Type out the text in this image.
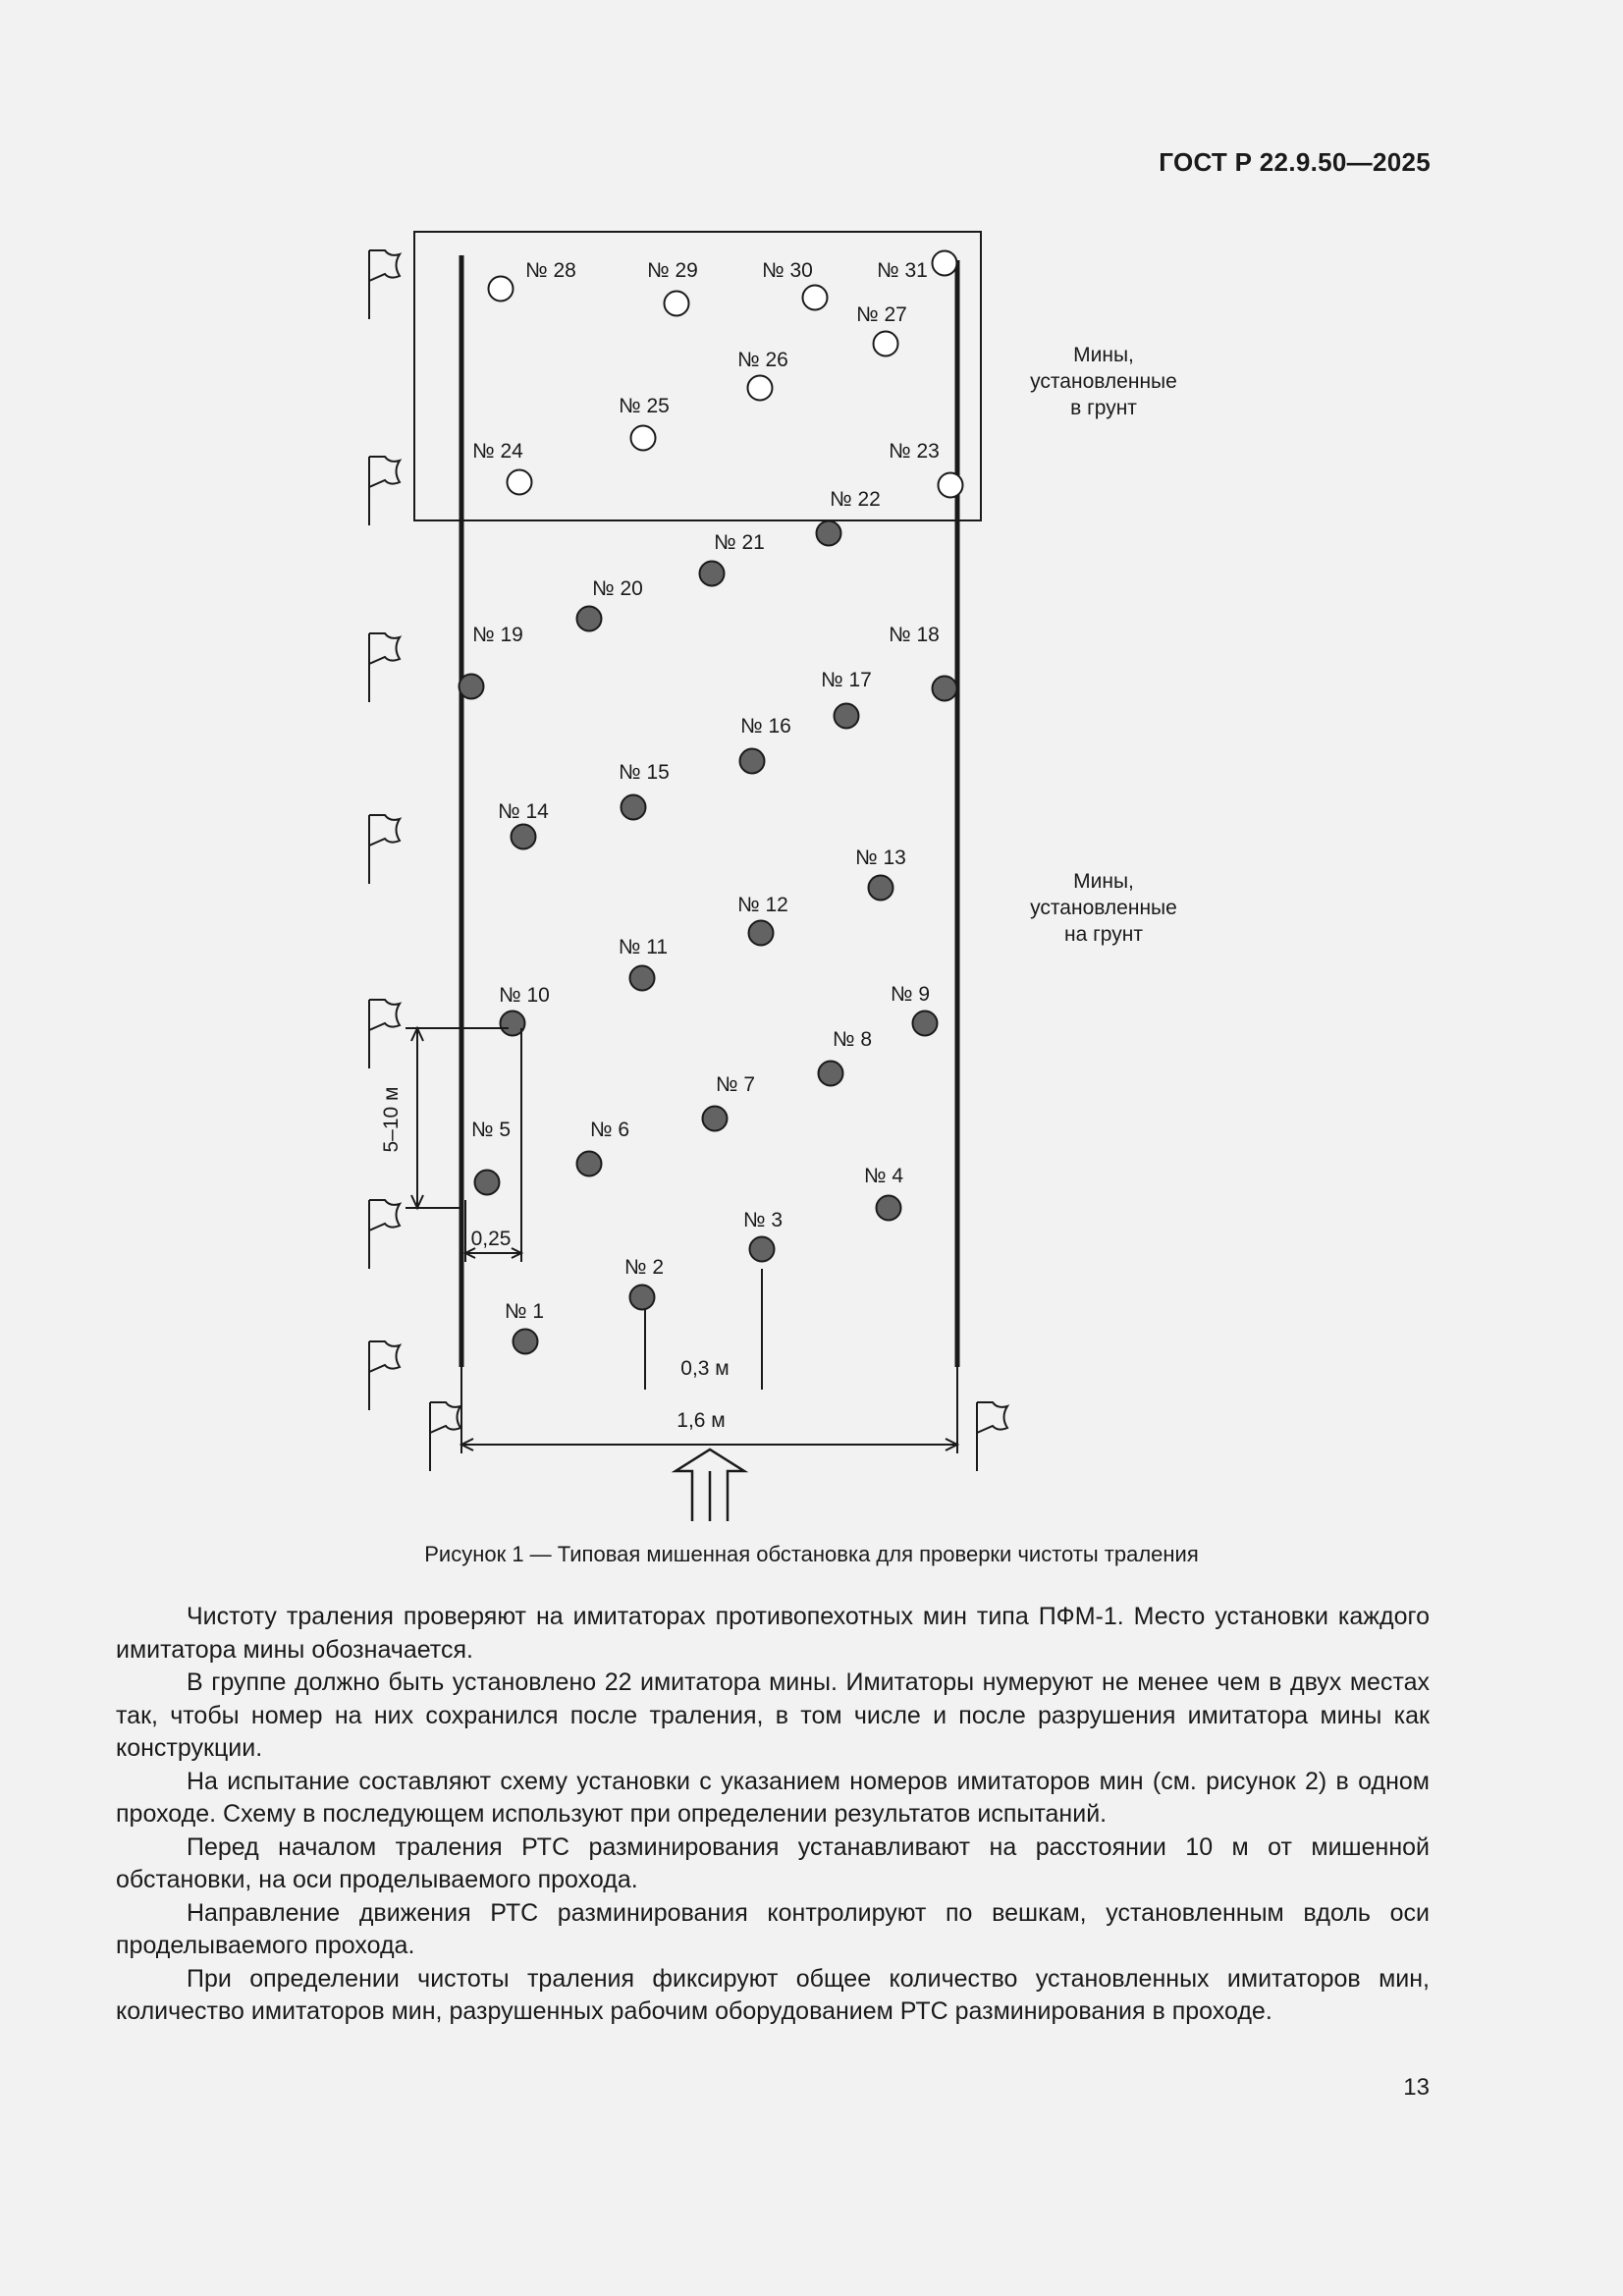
ГОСТ Р 22.9.50—2025
№ 1
№ 2
№ 3
№ 4
№ 5	№ 6
№ 7
№ 8
№ 9
№ 10
№ 11
№ 12
№ 13
№ 14
№ 15
№ 16
№ 17
№ 18
№ 19
№ 20
№ 21
№ 22
№ 23
№ 24
№ 25
№ 26
№ 27
№ 28	№ 29	№ 30	№ 31
Мины,
установленные
в грунт
Мины,
установленные
на грунт
5–10 м
0,25
0,3 м
1,6 м
Рисунок 1 — Типовая мишенная обстановка для проверки чистоты траления

Чистоту траления проверяют на имитаторах противопехотных мин типа ПФМ-1. Место установки каждого имитатора мины обозначается.

В группе должно быть установлено 22 имитатора мины. Имитаторы нумеруют не менее чем в двух местах так, чтобы номер на них сохранился после траления, в том числе и после разрушения имитатора мины как конструкции.

На испытание составляют схему установки с указанием номеров имитаторов мин (см. рисунок 2) в одном проходе. Схему в последующем используют при определении результатов испытаний.

Перед началом траления РТС разминирования устанавливают на расстоянии 10 м от мишенной обстановки, на оси проделываемого прохода.

Направление движения РТС разминирования контролируют по вешкам, установленным вдоль оси проделываемого прохода.

При определении чистоты траления фиксируют общее количество установленных имитаторов мин, количество имитаторов мин, разрушенных рабочим оборудованием РТС разминирования в проходе.

13
